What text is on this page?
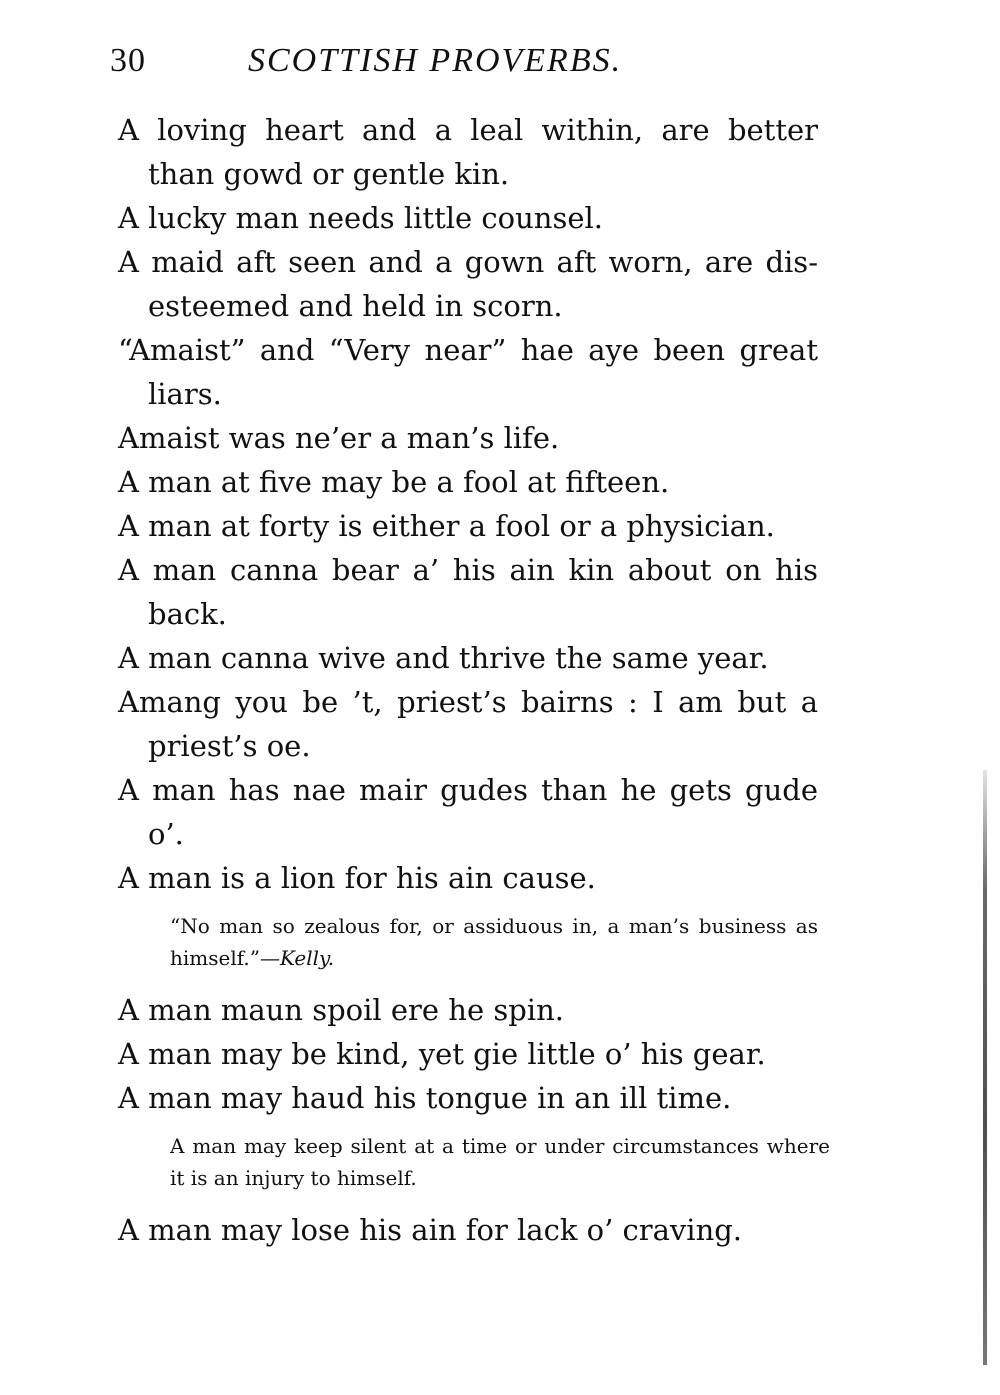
30	SCOTTISH PROVERBS.

A loving heart and a leal within, are better than gowd or gentle kin.

A lucky man needs little counsel.

A maid aft seen and a gown aft worn, are dis-esteemed and held in scorn.

“Amaist” and “Very near” hae aye been great liars.

Amaist was ne’er a man’s life.

A man at five may be a fool at fifteen.

A man at forty is either a fool or a physician.

A man canna bear a’ his ain kin about on his back.

A man canna wive and thrive the same year.

Amang you be ’t, priest’s bairns : I am but a priest’s oe.

A man has nae mair gudes than he gets gude o’.

A man is a lion for his ain cause.

“No man so zealous for, or assiduous in, a man’s business as himself.”—Kelly.

A man maun spoil ere he spin.

A man may be kind, yet gie little o’ his gear.

A man may haud his tongue in an ill time.

A man may keep silent at a time or under circumstances where it is an injury to himself.

A man may lose his ain for lack o’ craving.
